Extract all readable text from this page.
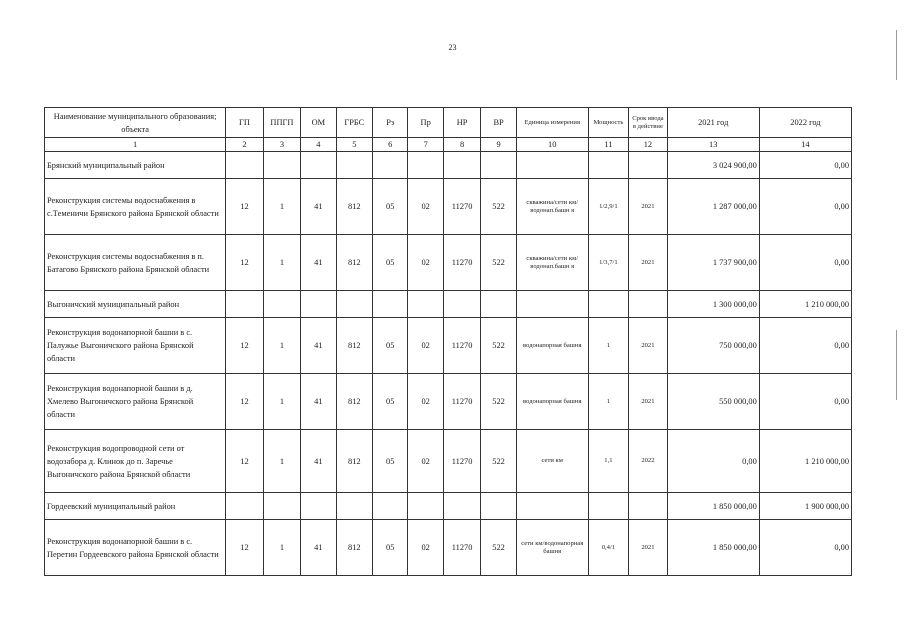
23
Наименование муниципального образования; объекта	ГП	ППГП	ОМ	ГРБС	Рз	Пр	НР	ВР	Единица измерения	Мощность	Срок ввода в действие	2021 год	2022 год
1	2	3	4	5	6	7	8	9	10	11	12	13	14
Брянский муниципальный район												3 024 900,00	0,00
Реконструкция системы водоснабжения в с.Теменичи Брянского района Брянской области	12	1	41	812	05	02	11270	522	скважина/сети км/водонап.башн я	1/2,9/1	2021	1 287 000,00	0,00
Реконструкция системы водоснабжения в п. Батагово Брянского района Брянской области	12	1	41	812	05	02	11270	522	скважина/сети км/водонап.башн я	1/3,7/1	2021	1 737 900,00	0,00
Выгоничский муниципальный район												1 300 000,00	1 210 000,00
Реконструкция водонапорной башни в с. Палужье Выгоничского района Брянской области	12	1	41	812	05	02	11270	522	водонапорная башня	1	2021	750 000,00	0,00
Реконструкция водонапорной башни в д. Хмелево Выгоничского района Брянской области	12	1	41	812	05	02	11270	522	водонапорная башня	1	2021	550 000,00	0,00
Реконструкция водопроводной сети от водозабора д. Клинок до п. Заречье Выгоничского района Брянской области	12	1	41	812	05	02	11270	522	сети км	1,1	2022	0,00	1 210 000,00
Гордеевский муниципальный район												1 850 000,00	1 900 000,00
Реконструкция водонапорной башни в с. Перетин Гордеевского района Брянской области	12	1	41	812	05	02	11270	522	сети км/водонапорная башня	0,4/1	2021	1 850 000,00	0,00
